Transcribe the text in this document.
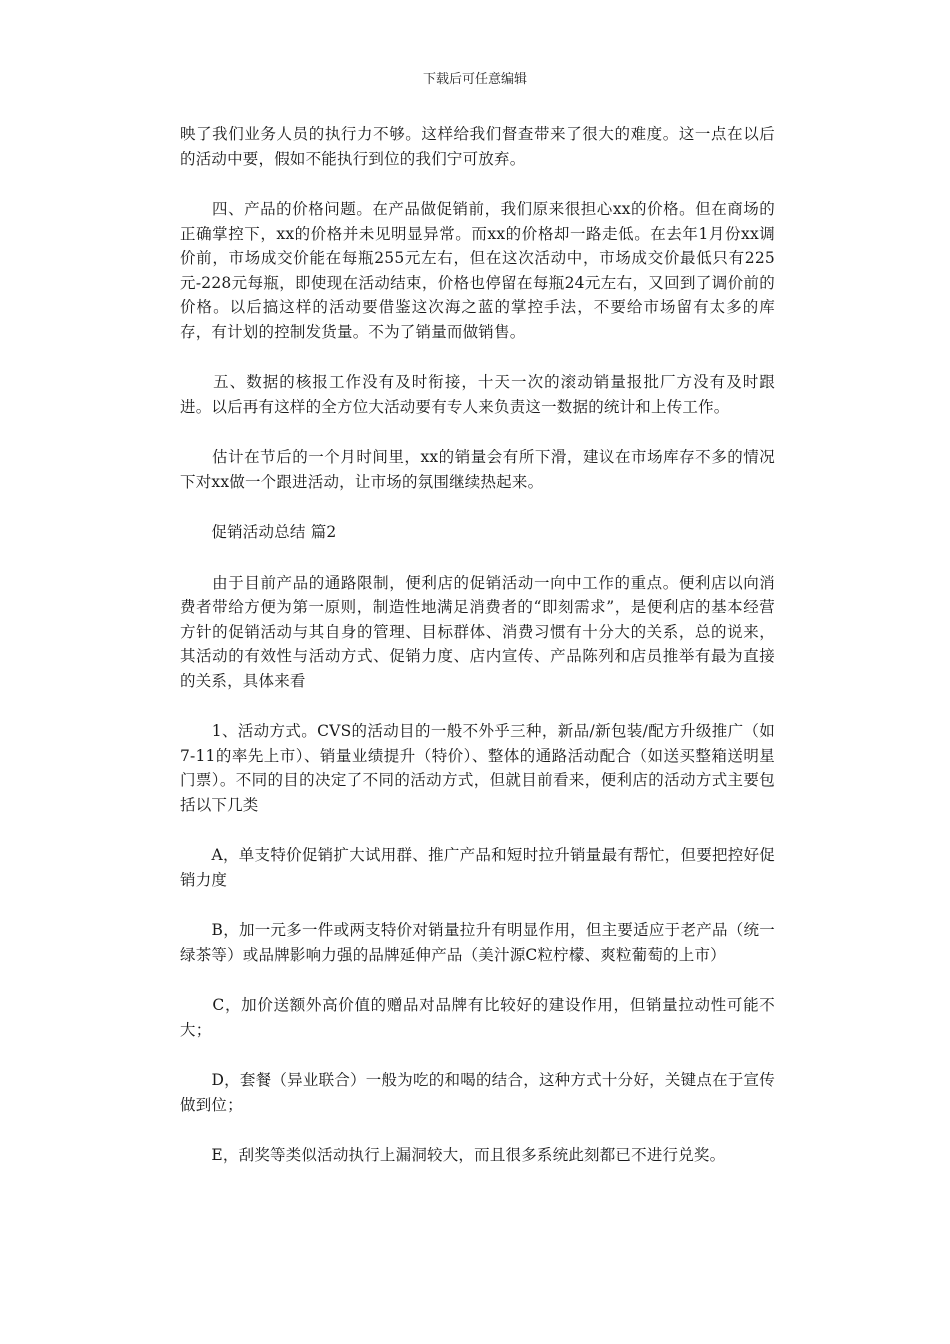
下载后可任意编辑

映了我们业务人员的执行力不够。这样给我们督查带来了很大的难度。这一点在以后的活动中要，假如不能执行到位的我们宁可放弃。

　　四、产品的价格问题。在产品做促销前，我们原来很担心xx的价格。但在商场的正确掌控下，xx的价格并未见明显异常。而xx的价格却一路走低。在去年1月份xx调价前，市场成交价能在每瓶255元左右，但在这次活动中，市场成交价最低只有225元-228元每瓶，即使现在活动结束，价格也停留在每瓶24元左右，又回到了调价前的价格。以后搞这样的活动要借鉴这次海之蓝的掌控手法，不要给市场留有太多的库存，有计划的控制发货量。不为了销量而做销售。

　　五、数据的核报工作没有及时衔接，十天一次的滚动销量报批厂方没有及时跟进。以后再有这样的全方位大活动要有专人来负责这一数据的统计和上传工作。

　　估计在节后的一个月时间里，xx的销量会有所下滑，建议在市场库存不多的情况下对xx做一个跟进活动，让市场的氛围继续热起来。

　　促销活动总结 篇2

　　由于目前产品的通路限制，便利店的促销活动一向中工作的重点。便利店以向消费者带给方便为第一原则，制造性地满足消费者的“即刻需求”，是便利店的基本经营方针的促销活动与其自身的管理、目标群体、消费习惯有十分大的关系，总的说来，其活动的有效性与活动方式、促销力度、店内宣传、产品陈列和店员推举有最为直接的关系，具体来看

　　1、活动方式。CVS的活动目的一般不外乎三种，新品/新包装/配方升级推广（如7-11的率先上市）、销量业绩提升（特价）、整体的通路活动配合（如送买整箱送明星门票）。不同的目的决定了不同的活动方式，但就目前看来，便利店的活动方式主要包括以下几类

　　A，单支特价促销扩大试用群、推广产品和短时拉升销量最有帮忙，但要把控好促销力度

　　B，加一元多一件或两支特价对销量拉升有明显作用，但主要适应于老产品（统一绿茶等）或品牌影响力强的品牌延伸产品（美汁源C粒柠檬、爽粒葡萄的上市）

　　C，加价送额外高价值的赠品对品牌有比较好的建设作用，但销量拉动性可能不大；

　　D，套餐（异业联合）一般为吃的和喝的结合，这种方式十分好，关键点在于宣传做到位；

　　E，刮奖等类似活动执行上漏洞较大，而且很多系统此刻都已不进行兑奖。
